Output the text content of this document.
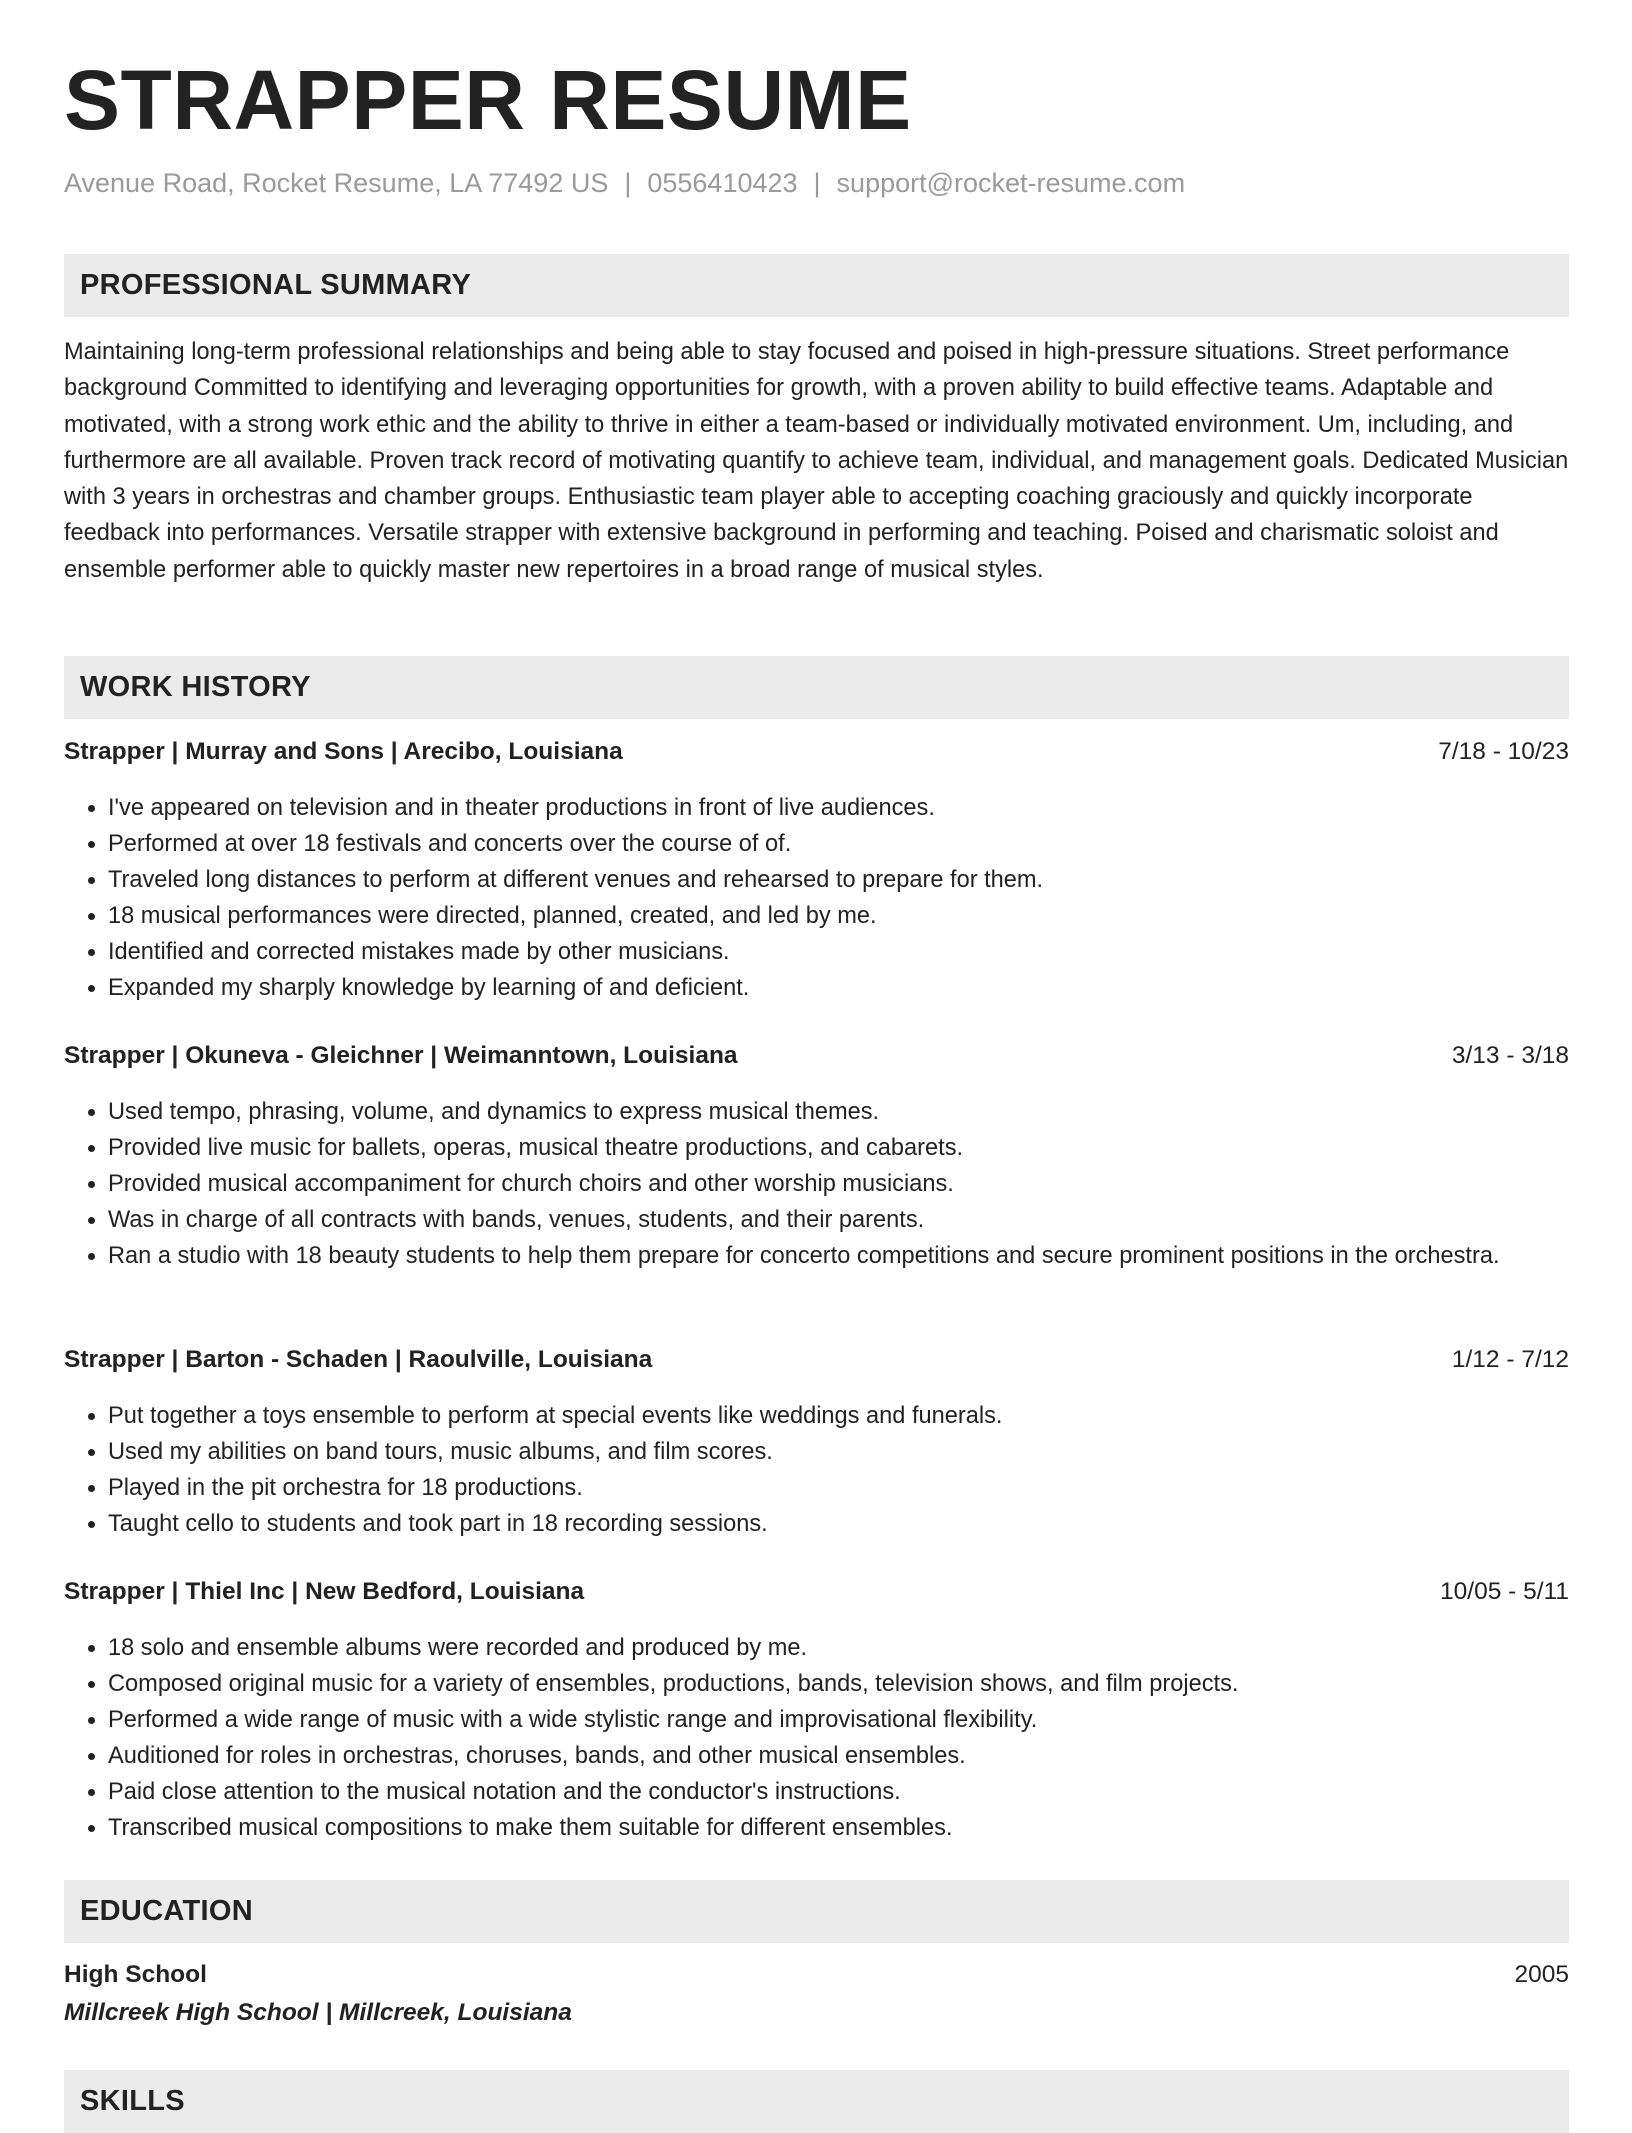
STRAPPER RESUME
Avenue Road, Rocket Resume, LA 77492 US | 0556410423 | support@rocket-resume.com
PROFESSIONAL SUMMARY

Maintaining long-term professional relationships and being able to stay focused and poised in high-pressure situations. Street performance background Committed to identifying and leveraging opportunities for growth, with a proven ability to build effective teams. Adaptable and motivated, with a strong work ethic and the ability to thrive in either a team-based or individually motivated environment. Um, including, and furthermore are all available. Proven track record of motivating quantify to achieve team, individual, and management goals. Dedicated Musician with 3 years in orchestras and chamber groups. Enthusiastic team player able to accepting coaching graciously and quickly incorporate feedback into performances. Versatile strapper with extensive background in performing and teaching. Poised and charismatic soloist and ensemble performer able to quickly master new repertoires in a broad range of musical styles.

WORK HISTORY
Strapper | Murray and Sons | Arecibo, Louisiana	7/18 - 10/23
• I've appeared on television and in theater productions in front of live audiences.
• Performed at over 18 festivals and concerts over the course of of.
• Traveled long distances to perform at different venues and rehearsed to prepare for them.
• 18 musical performances were directed, planned, created, and led by me.
• Identified and corrected mistakes made by other musicians.
• Expanded my sharply knowledge by learning of and deficient.
Strapper | Okuneva - Gleichner | Weimanntown, Louisiana	3/13 - 3/18
• Used tempo, phrasing, volume, and dynamics to express musical themes.
• Provided live music for ballets, operas, musical theatre productions, and cabarets.
• Provided musical accompaniment for church choirs and other worship musicians.
• Was in charge of all contracts with bands, venues, students, and their parents.
• Ran a studio with 18 beauty students to help them prepare for concerto competitions and secure prominent positions in the orchestra.
Strapper | Barton - Schaden | Raoulville, Louisiana	1/12 - 7/12
• Put together a toys ensemble to perform at special events like weddings and funerals.
• Used my abilities on band tours, music albums, and film scores.
• Played in the pit orchestra for 18 productions.
• Taught cello to students and took part in 18 recording sessions.
Strapper | Thiel Inc | New Bedford, Louisiana	10/05 - 5/11
• 18 solo and ensemble albums were recorded and produced by me.
• Composed original music for a variety of ensembles, productions, bands, television shows, and film projects.
• Performed a wide range of music with a wide stylistic range and improvisational flexibility.
• Auditioned for roles in orchestras, choruses, bands, and other musical ensembles.
• Paid close attention to the musical notation and the conductor's instructions.
• Transcribed musical compositions to make them suitable for different ensembles.
EDUCATION
High School	2005
Millcreek High School | Millcreek, Louisiana
SKILLS
